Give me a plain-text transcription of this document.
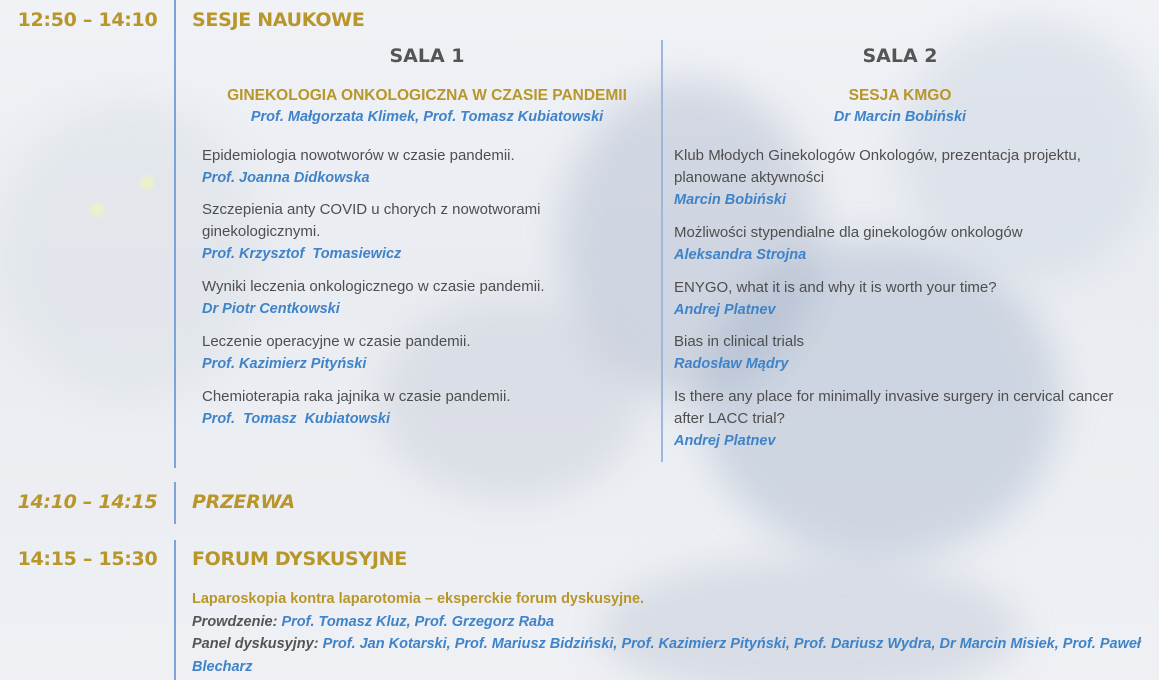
12:50 – 14:10	SESJE NAUKOWE
SALA 1
GINEKOLOGIA ONKOLOGICZNA W CZASIE PANDEMII
Prof. Małgorzata Klimek, Prof. Tomasz Kubiatowski
Epidemiologia nowotworów w czasie pandemii.
Prof. Joanna Didkowska
Szczepienia anty COVID u chorych z nowotworami ginekologicznymi.
Prof. Krzysztof  Tomasiewicz
Wyniki leczenia onkologicznego w czasie pandemii.
Dr Piotr Centkowski
Leczenie operacyjne w czasie pandemii.
Prof. Kazimierz Pityński
Chemioterapia raka jajnika w czasie pandemii.
Prof.  Tomasz  Kubiatowski
SALA 2
SESJA KMGO
Dr Marcin Bobiński
Klub Młodych Ginekologów Onkologów, prezentacja projektu, planowane aktywności
Marcin Bobiński
Możliwości stypendialne dla ginekologów onkologów
Aleksandra Strojna
ENYGO, what it is and why it is worth your time?
Andrej Platnev
Bias in clinical trials
Radosław Mądry
Is there any place for minimally invasive surgery in cervical cancer after LACC trial?
Andrej Platnev
14:10 – 14:15	PRZERWA
14:15 – 15:30	FORUM DYSKUSYJNE
Laparoskopia kontra laparotomia – eksperckie forum dyskusyjne.
Prowdzenie: Prof. Tomasz Kluz, Prof. Grzegorz Raba
Panel dyskusyjny: Prof. Jan Kotarski, Prof. Mariusz Bidziński, Prof. Kazimierz Pityński, Prof. Dariusz Wydra, Dr Marcin Misiek, Prof. Paweł Blecharz
